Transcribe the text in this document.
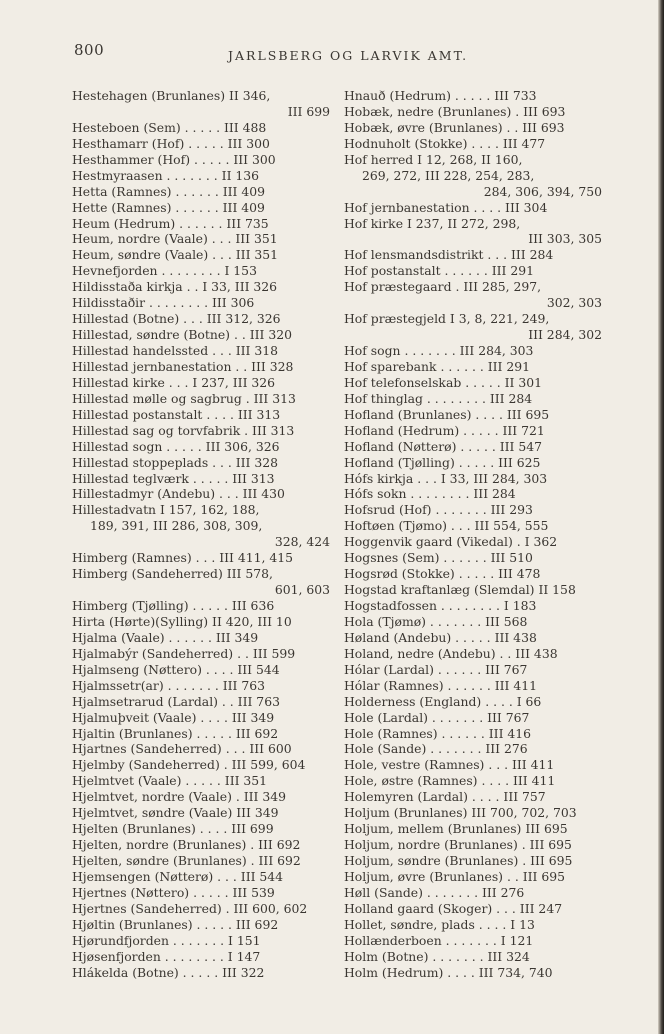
800	JARLSBERG OG LARVIK AMT.
Hestehagen (Brunlanes) II 346,
III 699
Hesteboen (Sem) . . . . . III 488
Hesthamarr (Hof) . . . . . III 300
Hesthammer (Hof) . . . . . III 300
Hestmyraasen . . . . . . . II 136
Hetta (Ramnes) . . . . . . III 409
Hette (Ramnes) . . . . . . III 409
Heum (Hedrum) . . . . . . III 735
Heum, nordre (Vaale) . . . III 351
Heum, søndre (Vaale) . . . III 351
Hevnefjorden . . . . . . . . I 153
Hildisstaða kirkja . . I 33, III 326
Hildisstaðir . . . . . . . . III 306
Hillestad (Botne) . . . III 312, 326
Hillestad, søndre (Botne) . . III 320
Hillestad handelssted . . . III 318
Hillestad jernbanestation . . III 328
Hillestad kirke . . . I 237, III 326
Hillestad mølle og sagbrug . III 313
Hillestad postanstalt . . . . III 313
Hillestad sag og torvfabrik . III 313
Hillestad sogn . . . . . III 306, 326
Hillestad stoppeplads . . . III 328
Hillestad teglværk . . . . . III 313
Hillestadmyr (Andebu) . . . III 430
Hillestadvatn I 157, 162, 188,
189, 391, III 286, 308, 309,
328, 424
Himberg (Ramnes) . . . III 411, 415
Himberg (Sandeherred) III 578,
601, 603
Himberg (Tjølling) . . . . . III 636
Hirta (Hørte)(Sylling) II 420, III 10
Hjalma (Vaale) . . . . . . III 349
Hjalmabýr (Sandeherred) . . III 599
Hjalmseng (Nøttero) . . . . III 544
Hjalmssetr(ar) . . . . . . . III 763
Hjalmsetrarud (Lardal) . . III 763
Hjalmuþveit (Vaale) . . . . III 349
Hjaltin (Brunlanes) . . . . . III 692
Hjartnes (Sandeherred) . . . III 600
Hjelmby (Sandeherred) . III 599, 604
Hjelmtvet (Vaale) . . . . . III 351
Hjelmtvet, nordre (Vaale) . III 349
Hjelmtvet, søndre (Vaale) III 349
Hjelten (Brunlanes) . . . . III 699
Hjelten, nordre (Brunlanes) . III 692
Hjelten, søndre (Brunlanes) . III 692
Hjemsengen (Nøtterø) . . . III 544
Hjertnes (Nøttero) . . . . . III 539
Hjertnes (Sandeherred) . III 600, 602
Hjøltin (Brunlanes) . . . . . III 692
Hjørundfjorden . . . . . . . I 151
Hjøsenfjorden . . . . . . . . I 147
Hlákelda (Botne) . . . . . III 322
Hnauð (Hedrum) . . . . . III 733
Hobæk, nedre (Brunlanes) . III 693
Hobæk, øvre (Brunlanes) . . III 693
Hodnuholt (Stokke) . . . . III 477
Hof herred I 12, 268, II 160,
269, 272, III 228, 254, 283,
284, 306, 394, 750
Hof jernbanestation . . . . III 304
Hof kirke I 237, II 272, 298,
III 303, 305
Hof lensmandsdistrikt . . . III 284
Hof postanstalt . . . . . . III 291
Hof præstegaard . III 285, 297,
302, 303
Hof præstegjeld I 3, 8, 221, 249,
III 284, 302
Hof sogn . . . . . . . III 284, 303
Hof sparebank . . . . . . III 291
Hof telefonselskab . . . . . II 301
Hof thinglag . . . . . . . . III 284
Hofland (Brunlanes) . . . . III 695
Hofland (Hedrum) . . . . . III 721
Hofland (Nøtterø) . . . . . III 547
Hofland (Tjølling) . . . . . III 625
Hófs kirkja . . . I 33, III 284, 303
Hófs sokn . . . . . . . . III 284
Hofsrud (Hof) . . . . . . . III 293
Hoftøen (Tjømo) . . . III 554, 555
Hoggenvik gaard (Vikedal) . I 362
Hogsnes (Sem) . . . . . . III 510
Hogsrød (Stokke) . . . . . III 478
Hogstad kraftanlæg (Slemdal) II 158
Hogstadfossen . . . . . . . . I 183
Hola (Tjømø) . . . . . . . III 568
Høland (Andebu) . . . . . III 438
Holand, nedre (Andebu) . . III 438
Hólar (Lardal) . . . . . . III 767
Hólar (Ramnes) . . . . . . III 411
Holderness (England) . . . . I 66
Hole (Lardal) . . . . . . . III 767
Hole (Ramnes) . . . . . . III 416
Hole (Sande) . . . . . . . III 276
Hole, vestre (Ramnes) . . . III 411
Hole, østre (Ramnes) . . . . III 411
Holemyren (Lardal) . . . . III 757
Holjum (Brunlanes) III 700, 702, 703
Holjum, mellem (Brunlanes) III 695
Holjum, nordre (Brunlanes) . III 695
Holjum, søndre (Brunlanes) . III 695
Holjum, øvre (Brunlanes) . . III 695
Høll (Sande) . . . . . . . III 276
Holland gaard (Skoger) . . . III 247
Hollet, søndre, plads . . . . I 13
Hollænderboen . . . . . . . I 121
Holm (Botne) . . . . . . . III 324
Holm (Hedrum) . . . . III 734, 740
